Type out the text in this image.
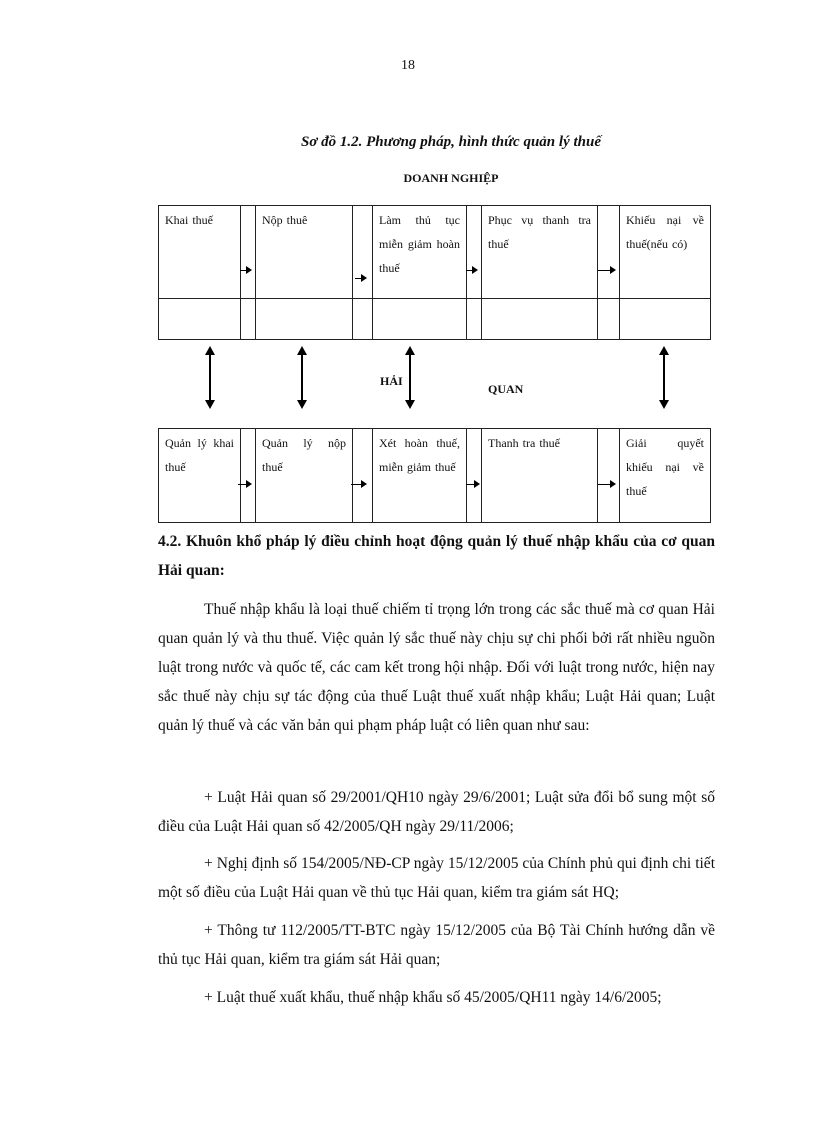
18
Sơ đồ 1.2. Phương pháp, hình thức quản lý thuế
DOANH NGHIỆP
Khai thuế	Nộp thuê	Làm thủ tục miễn giảm hoàn thuế
Phục vụ thanh tra thuế
Khiếu nại về thuế(nếu có)
HẢI
QUAN
Quản lý khai thuế
Quản lý nộp thuế
Xét hoàn thuế, miễn giảm thuế
Thanh tra thuế	Giải quyết khiếu nại về thuế
4.2. Khuôn khổ pháp lý điều chỉnh hoạt động quản lý thuế nhập khẩu của cơ quan Hải quan:
Thuế nhập khẩu là loại thuế chiếm tỉ trọng lớn trong các sắc thuế mà cơ quan Hải quan quản lý và thu thuế. Việc quản lý sắc thuế này chịu sự chi phối bởi rất nhiều nguồn luật trong nước và quốc tế, các cam kết trong hội nhập. Đối với luật trong nước, hiện nay sắc thuế này chịu sự tác động của thuế Luật thuế xuất nhập khẩu; Luật Hải quan; Luật quản lý thuế và các văn bản qui phạm pháp luật có liên quan như sau:
+ Luật Hải quan số 29/2001/QH10 ngày 29/6/2001; Luật sửa đổi bổ sung một số điều của Luật Hải quan số 42/2005/QH ngày 29/11/2006;
+ Nghị định số 154/2005/NĐ-CP ngày 15/12/2005 của Chính phủ qui định chi tiết một số điều của Luật Hải quan về thủ tục Hải quan, kiểm tra giám sát HQ;
+ Thông tư 112/2005/TT-BTC ngày 15/12/2005 của Bộ Tài Chính hướng dẫn về thủ tục Hải quan, kiểm tra giám sát Hải quan;
+ Luật thuế xuất khẩu, thuế nhập khẩu số 45/2005/QH11 ngày 14/6/2005;
